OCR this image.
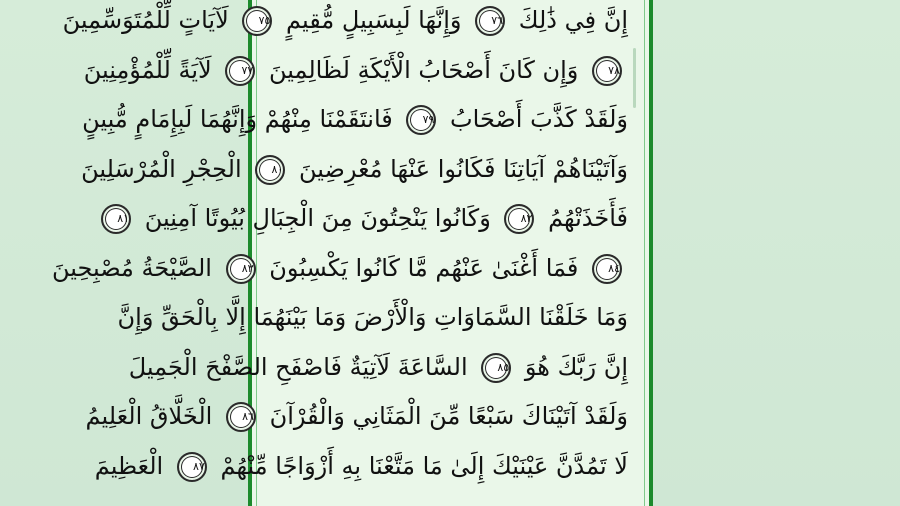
إِنَّ فِي ذَٰلِكَ ٧٦ وَإِنَّهَا لَبِسَبِيلٍ مُّقِيمٍ ٧٥ لَآيَاتٍ لِّلْمُتَوَسِّمِينَ
٧٨ وَإِن كَانَ أَصْحَابُ الْأَيْكَةِ لَظَالِمِينَ ٧٧ لَآيَةً لِّلْمُؤْمِنِينَ
وَلَقَدْ كَذَّبَ أَصْحَابُ ٧٩ فَانتَقَمْنَا مِنْهُمْ وَإِنَّهُمَا لَبِإِمَامٍ مُّبِينٍ
وَآتَيْنَاهُمْ آيَاتِنَا فَكَانُوا عَنْهَا مُعْرِضِينَ ٨٠ الْحِجْرِ الْمُرْسَلِينَ
فَأَخَذَتْهُمُ ٨٢ وَكَانُوا يَنْحِتُونَ مِنَ الْجِبَالِ بُيُوتًا آمِنِينَ ٨١
٨٤ فَمَا أَغْنَىٰ عَنْهُم مَّا كَانُوا يَكْسِبُونَ ٨٣ الصَّيْحَةُ مُصْبِحِينَ
وَمَا خَلَقْنَا السَّمَاوَاتِ وَالْأَرْضَ وَمَا بَيْنَهُمَا إِلَّا بِالْحَقِّ وَإِنَّ
إِنَّ رَبَّكَ هُوَ ٨٥ السَّاعَةَ لَآتِيَةٌ فَاصْفَحِ الصَّفْحَ الْجَمِيلَ
وَلَقَدْ آتَيْنَاكَ سَبْعًا مِّنَ الْمَثَانِي وَالْقُرْآنَ ٨٦ الْخَلَّاقُ الْعَلِيمُ
لَا تَمُدَّنَّ عَيْنَيْكَ إِلَىٰ مَا مَتَّعْنَا بِهِ أَزْوَاجًا مِّنْهُمْ ٨٧ الْعَظِيمَ
